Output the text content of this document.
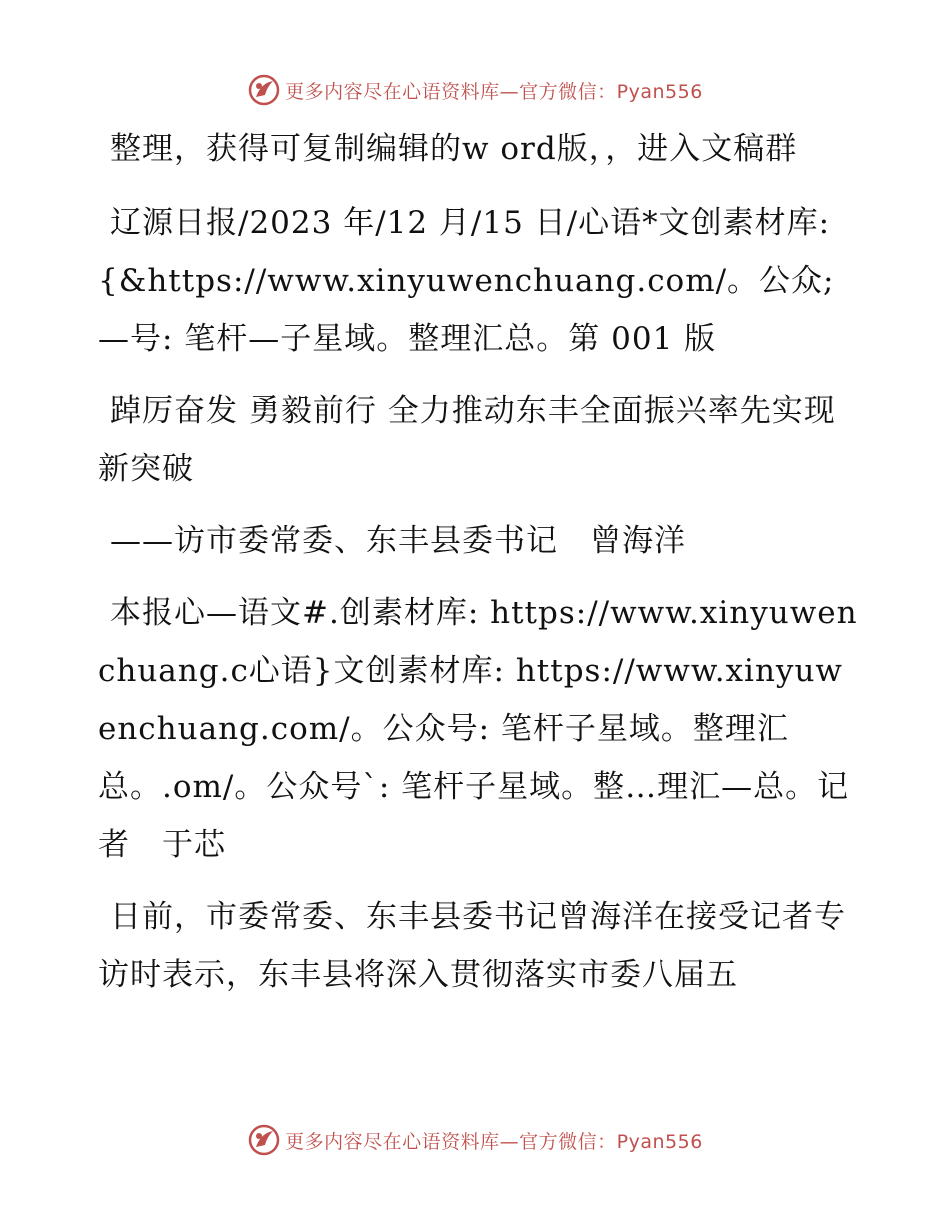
更多内容尽在心语资料库—官方微信：Pyan556

整理，获得可复制编辑的w ord版，，进入文稿群

辽源日报/2023 年/12 月/15 日/心语*文创素材库: {&https://www.xinyuwenchuang.com/。公众;—号: 笔杆—子星域。整理汇总。第 001 版

踔厉奋发 勇毅前行 全力推动东丰全面振兴率先实现新突破

——访市委常委、东丰县委书记　曾海洋

本报心—语文#.创素材库: https://www.xinyuwenchuang.c心语}文创素材库: https://www.xinyuwenchuang.com/。公众号: 笔杆子星域。整理汇总。.om/。公众号`: 笔杆子星域。整…理汇—总。记者　于芯

日前，市委常委、东丰县委书记曾海洋在接受记者专访时表示，东丰县将深入贯彻落实市委八届五

更多内容尽在心语资料库—官方微信：Pyan556
